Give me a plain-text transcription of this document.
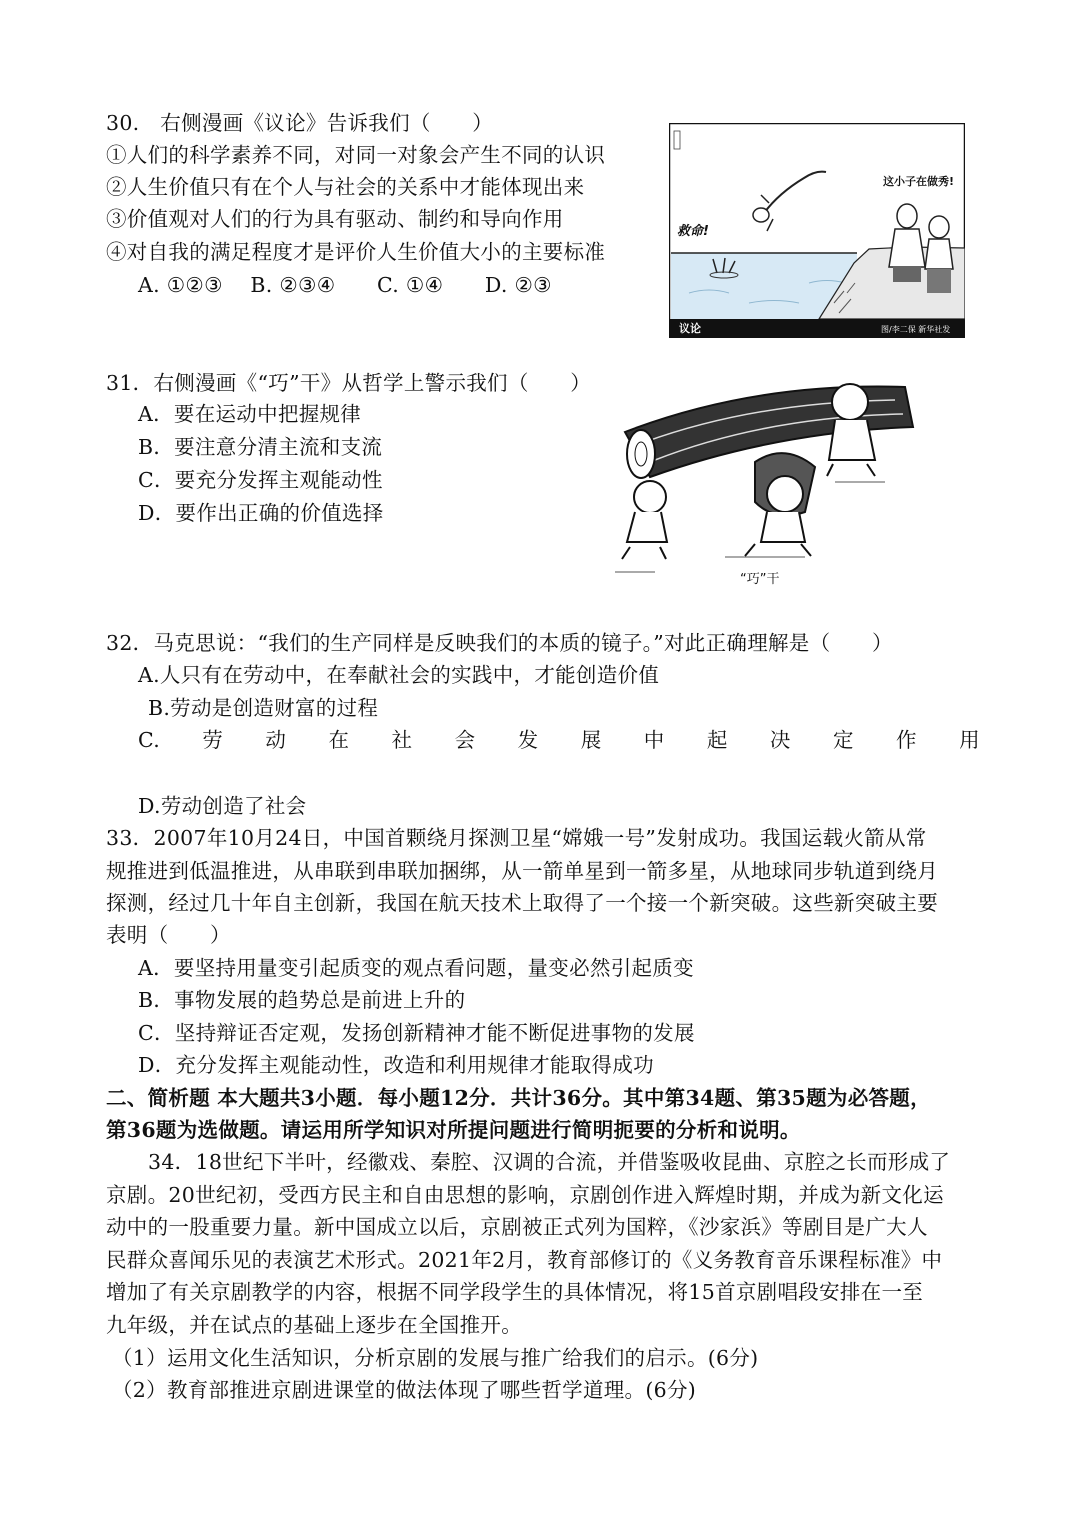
30.　右侧漫画《议论》告诉我们（　　）
①人们的科学素养不同，对同一对象会产生不同的认识
②人生价值只有在个人与社会的关系中才能体现出来
③价值观对人们的行为具有驱动、制约和导向作用
④对自我的满足程度才是评价人生价值大小的主要标准
A. ①②③　 B. ②③④　　C. ①④　　D. ②③
这小子在做秀!
救命!
议论	图/李二保 新华社发
31．右侧漫画《“巧”干》从哲学上警示我们（　　）
A．要在运动中把握规律
B．要注意分清主流和支流
C．要充分发挥主观能动性
D．要作出正确的价值选择
“巧”干
32．马克思说：“我们的生产同样是反映我们的本质的镜子。”对此正确理解是（　　）
A.人只有在劳动中，在奉献社会的实践中，才能创造价值
B.劳动是创造财富的过程
C. 劳 动 在 社 会 发 展 中 起 决 定 作 用
D.劳动创造了社会
33．2007年10月24日，中国首颗绕月探测卫星“嫦娥一号”发射成功。我国运载火箭从常
规推进到低温推进，从串联到串联加捆绑，从一箭单星到一箭多星，从地球同步轨道到绕月
探测，经过几十年自主创新，我国在航天技术上取得了一个接一个新突破。这些新突破主要
表明（　　）
A．要坚持用量变引起质变的观点看问题，量变必然引起质变
B．事物发展的趋势总是前进上升的
C．坚持辩证否定观，发扬创新精神才能不断促进事物的发展
D．充分发挥主观能动性，改造和利用规律才能取得成功
二、简析题 本大题共3小题．每小题12分．共计36分。其中第34题、第35题为必答题，
第36题为选做题。请运用所学知识对所提问题进行简明扼要的分析和说明。
34．18世纪下半叶，经徽戏、秦腔、汉调的合流，并借鉴吸收昆曲、京腔之长而形成了
京剧。20世纪初，受西方民主和自由思想的影响，京剧创作进入辉煌时期，并成为新文化运
动中的一股重要力量。新中国成立以后，京剧被正式列为国粹，《沙家浜》等剧目是广大人
民群众喜闻乐见的表演艺术形式。2021年2月，教育部修订的《义务教育音乐课程标准》中
增加了有关京剧教学的内容，根据不同学段学生的具体情况，将15首京剧唱段安排在一至
九年级，并在试点的基础上逐步在全国推开。
（1）运用文化生活知识，分析京剧的发展与推广给我们的启示。(6分)
（2）教育部推进京剧进课堂的做法体现了哪些哲学道理。(6分)
